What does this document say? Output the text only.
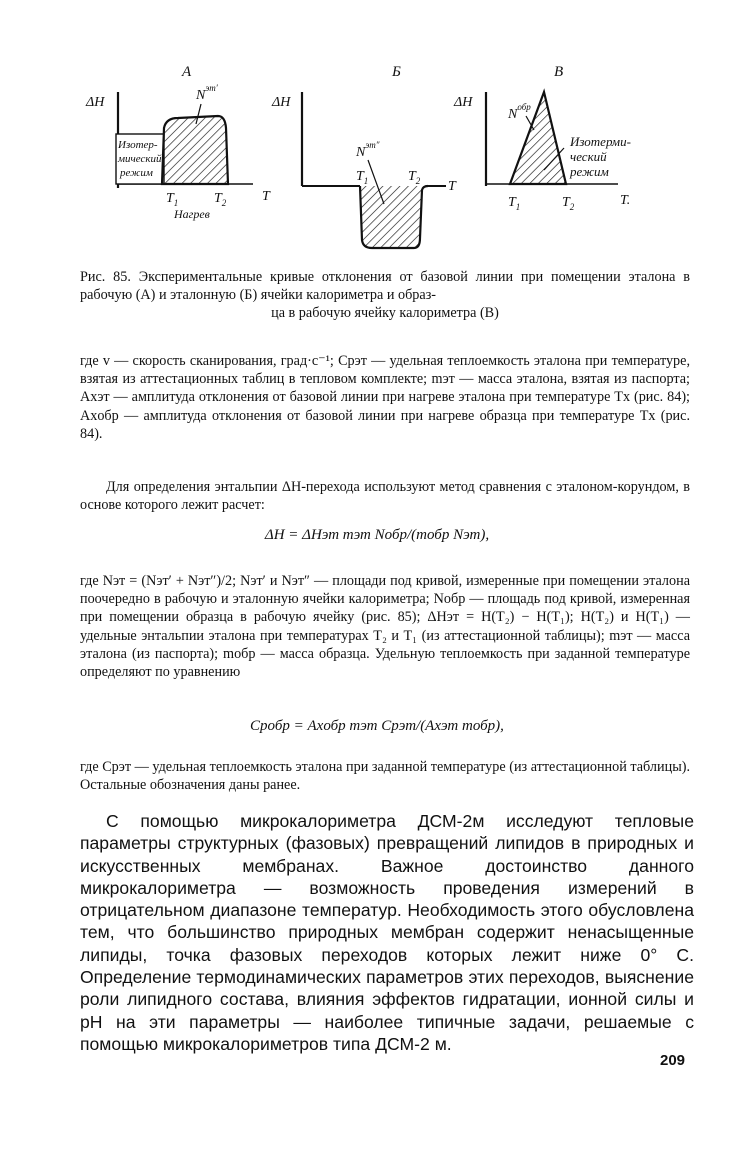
А
ΔH	$N^{эт'}$
Изотер-
мический
режим
$T_1$	$T_2$	T
Нагрев
Б
ΔH
$N^{эт''}$
$T_1$	$T_2$ T
В
ΔH
$N^{обр}$
Изотерми-
ческий
режим
$T_1$	$T_2$	T.
Рис. 85. Экспериментальные кривые отклонения от базовой линии при помещении эталона в рабочую (А) и эталонную (Б) ячейки калориметра и образ-
ца в рабочую ячейку калориметра (В)

где v — скорость сканирования, град·с⁻¹; Cpэт — удельная теплоемкость эталона при температуре, взятая из аттестационных таблиц в тепловом комплекте; mэт — масса эталона, взятая из паспорта; Axэт — амплитуда отклонения от базовой линии при нагреве эталона при температуре Tx (рис. 84); Axобр — амплитуда отклонения от базовой линии при нагреве образца при температуре Tx (рис. 84).

Для определения энтальпии ΔH-перехода используют метод сравнения с эталоном-корундом, в основе которого лежит расчет:

ΔH = ΔHэт mэт Nобр/(mобр Nэт),

где Nэт = (Nэт′ + Nэт″)/2; Nэт′ и Nэт″ — площади под кривой, измеренные при помещении эталона поочередно в рабочую и эталонную ячейки калориметра; Nобр — площадь под кривой, измеренная при помещении образца в рабочую ячейку (рис. 85); ΔHэт = H(T₂) − H(T₁); H(T₂) и H(T₁) — удельные энтальпии эталона при температурах T₂ и T₁ (из аттестационной таблицы); mэт — масса эталона (из паспорта); mобр — масса образца. Удельную теплоемкость при заданной температуре определяют по уравнению

Cpобр = Axобр mэт Cpэт/(Axэт mобр),

где Cpэт — удельная теплоемкость эталона при заданной температуре (из аттестационной таблицы). Остальные обозначения даны ранее.

С помощью микрокалориметра ДСМ-2м исследуют тепловые параметры структурных (фазовых) превращений липидов в природных и искусственных мембранах. Важное достоинство данного микрокалориметра — возможность проведения измерений в отрицательном диапазоне температур. Необходимость этого обусловлена тем, что большинство природных мембран содержит ненасыщенные липиды, точка фазовых переходов которых лежит ниже 0° С. Определение термодинамических параметров этих переходов, выяснение роли липидного состава, влияния эффектов гидратации, ионной силы и pH на эти параметры — наиболее типичные задачи, решаемые с помощью микрокалориметров типа ДСМ-2 м.

209
